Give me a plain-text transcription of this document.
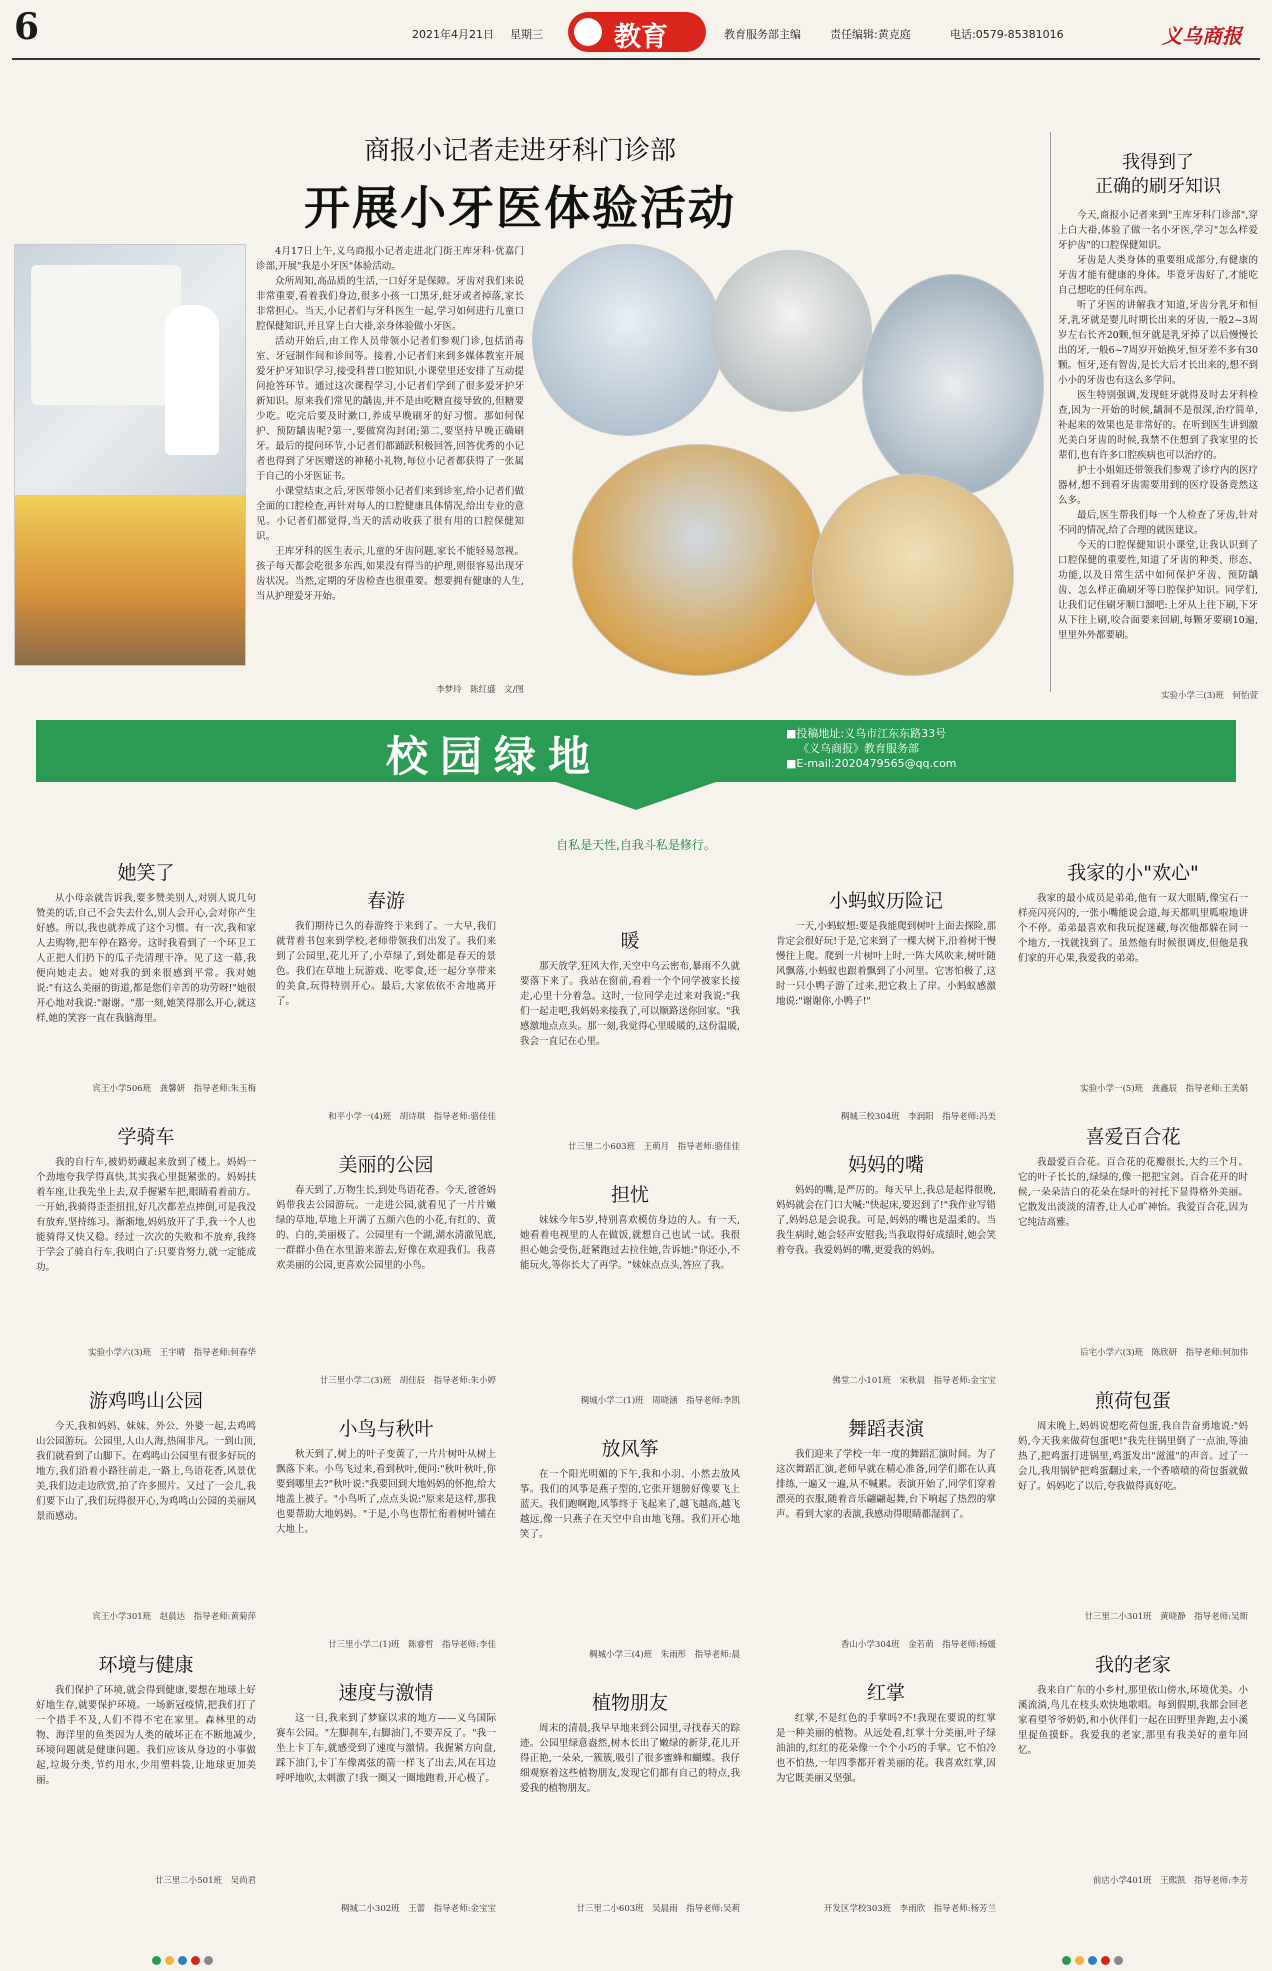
6	2021年4月21日 星期三	教育	教育服务部主编	责任编辑:黄克庭	电话:0579-85381016	义乌商报
商报小记者走进牙科门诊部
开展小牙医体验活动

4月17日上午,义乌商报小记者走进北门街王库牙科·优嘉门诊部,开展"我是小牙医"体验活动。

众所周知,高品质的生活,一口好牙是保障。牙齿对我们来说非常重要,看着我们身边,很多小孩一口黑牙,蛀牙或者掉落,家长非常担心。当天,小记者们与牙科医生一起,学习如何进行儿童口腔保健知识,并且穿上白大褂,亲身体验做小牙医。

活动开始后,由工作人员带领小记者们参观门诊,包括消毒室、牙冠制作间和诊间等。接着,小记者们来到多媒体教室开展爱牙护牙知识学习,接受科普口腔知识,小课堂里还安排了互动提问抢答环节。通过这次课程学习,小记者们学到了很多爱牙护牙新知识。原来我们常见的龋齿,并不是由吃糖直接导致的,但糖要少吃。吃完后要及时漱口,养成早晚刷牙的好习惯。那如何保护、预防龋齿呢?第一,要做窝沟封闭;第二,要坚持早晚正确刷牙。最后的提问环节,小记者们都踊跃积极回答,回答优秀的小记者也得到了牙医赠送的神秘小礼物,每位小记者都获得了一张属于自己的小牙医证书。

小课堂结束之后,牙医带领小记者们来到诊室,给小记者们做全面的口腔检查,再针对每人的口腔健康具体情况,给出专业的意见。小记者们都觉得,当天的活动收获了很有用的口腔保健知识。

王库牙科的医生表示,儿童的牙齿问题,家长不能轻易忽视。孩子每天都会吃很多东西,如果没有得当的护理,则很容易出现牙齿状况。当然,定期的牙齿检查也很重要。想要拥有健康的人生,当从护理爱牙开始。

李梦玲　陈红盛　文/图
我得到了
正确的刷牙知识

今天,商报小记者来到"王库牙科门诊部",穿上白大褂,体验了做一名小牙医,学习"怎么样爱牙护齿"的口腔保健知识。

牙齿是人类身体的重要组成部分,有健康的牙齿才能有健康的身体。毕竟牙齿好了,才能吃自己想吃的任何东西。

听了牙医的讲解我才知道,牙齿分乳牙和恒牙,乳牙就是婴儿时期长出来的牙齿,一般2~3周岁左右长齐20颗,恒牙就是乳牙掉了以后慢慢长出的牙,一般6~7周岁开始换牙,恒牙差不多有30颗。恒牙,还有智齿,是长大后才长出来的,想不到小小的牙齿也有这么多学问。

医生特别强调,发现蛀牙就得及时去牙科检查,因为一开始的时候,龋洞不是很深,治疗简单,补起来的效果也是非常好的。在听到医生讲到激光美白牙齿的时候,我禁不住想到了我家里的长辈们,也有许多口腔疾病也可以治疗的。

护士小姐姐还带领我们参观了诊疗内的医疗器材,想不到看牙齿需要用到的医疗设备竟然这么多。

最后,医生帮我们每一个人检查了牙齿,针对不同的情况,给了合理的就医建议。

今天的口腔保健知识小课堂,让我认识到了口腔保健的重要性,知道了牙齿的种类、形态、功能,以及日常生活中如何保护牙齿、预防龋齿、怎么样正确刷牙等口腔保护知识。同学们,让我们记住刷牙顺口溜吧:上牙从上往下刷,下牙从下往上刷,咬合面要来回刷,每颗牙要刷10遍,里里外外都要刷。

实验小学三(3)班　何怡萱
校园绿地	■投稿地址:义乌市江东东路33号
《义乌商报》教育服务部
■E-mail:2020479565@qq.com
自私是天性,自我斗私是修行。
她笑了
从小母亲就告诉我,要多赞美别人,对别人说几句赞美的话,自己不会失去什么,别人会开心,会对你产生好感。所以,我也就养成了这个习惯。有一次,我和家人去购物,把车停在路旁。这时我看到了一个环卫工人正把人们扔下的瓜子壳清理干净。见了这一幕,我便向她走去。她对我的到来很感到平常。我对她说:"有这么美丽的街道,都是您们辛苦的功劳呀!"她很开心地对我说:"谢谢。"那一刻,她笑得那么开心,就这样,她的笑容一直在我脑海里。
宾王小学506班　龚馨妍　指导老师:朱玉梅
学骑车
我的自行车,被奶奶藏起来放到了楼上。妈妈一个劲地夸我学得真快,其实我心里挺紧张的。妈妈扶着车座,让我先坐上去,双手握紧车把,眼睛看着前方。一开始,我骑得歪歪扭扭,好几次都差点摔倒,可是我没有放弃,坚持练习。渐渐地,妈妈放开了手,我一个人也能骑得又快又稳。经过一次次的失败和不放弃,我终于学会了骑自行车,我明白了:只要肯努力,就一定能成功。
实验小学六(3)班　王宇晴　指导老师:何春华
游鸡鸣山公园
今天,我和妈妈、妹妹、外公、外婆一起,去鸡鸣山公园游玩。公园里,人山人海,热闹非凡。一到山顶,我们就看到了山脚下。在鸡鸣山公园里有很多好玩的地方,我们沿着小路往前走,一路上,鸟语花香,风景优美,我们边走边欣赏,拍了许多照片。又过了一会儿,我们要下山了,我们玩得很开心,为鸡鸣山公园的美丽风景而感动。
宾王小学301班　赵晨达　指导老师:黄菊萍
环境与健康
我们保护了环境,就会得到健康,要想在地球上好好地生存,就要保护环境。一场新冠疫情,把我们打了一个措手不及,人们不得不宅在家里。森林里的动物、海洋里的鱼类因为人类的破坏正在不断地减少,环境问题就是健康问题。我们应该从身边的小事做起,垃圾分类,节约用水,少用塑料袋,让地球更加美丽。
廿三里二小501班　吴尚君
春游
我们期待已久的春游终于来到了。一大早,我们就背着书包来到学校,老师带领我们出发了。我们来到了公园里,花儿开了,小草绿了,到处都是春天的景色。我们在草地上玩游戏、吃零食,还一起分享带来的美食,玩得特别开心。最后,大家依依不舍地离开了。
和平小学一(4)班　胡诗琪　指导老师:骆佳佳
美丽的公园
春天到了,万物生长,到处鸟语花香。今天,爸爸妈妈带我去公园游玩。一走进公园,就看见了一片片嫩绿的草地,草地上开满了五颜六色的小花,有红的、黄的、白的,美丽极了。公园里有一个湖,湖水清澈见底,一群群小鱼在水里游来游去,好像在欢迎我们。我喜欢美丽的公园,更喜欢公园里的小鸟。
廿三里小学二(3)班　胡佳辰　指导老师:朱小婷
小鸟与秋叶
秋天到了,树上的叶子变黄了,一片片树叶从树上飘落下来。小鸟飞过来,看到秋叶,便问:"秋叶秋叶,你要到哪里去?"秋叶说:"我要回到大地妈妈的怀抱,给大地盖上被子。"小鸟听了,点点头说:"原来是这样,那我也要帮助大地妈妈。"于是,小鸟也帮忙衔着树叶铺在大地上。
廿三里小学二(1)班　陈睿哲　指导老师:李佳
速度与激情
这一日,我来到了梦寐以求的地方——义乌国际赛车公园。"左脚刹车,右脚油门,不要弄反了。"我一坐上卡丁车,就感受到了速度与激情。我握紧方向盘,踩下油门,卡丁车像离弦的箭一样飞了出去,风在耳边呼呼地吹,太刺激了!我一圈又一圈地跑着,开心极了。
稠城二小302班　王蕾　指导老师:金宝宝
暖
那天放学,狂风大作,天空中乌云密布,暴雨不久就要落下来了。我站在窗前,看着一个个同学被家长接走,心里十分着急。这时,一位同学走过来对我说:"我们一起走吧,我妈妈来接我了,可以顺路送你回家。"我感激地点点头。那一刻,我觉得心里暖暖的,这份温暖,我会一直记在心里。
廿三里二小603班　王萌月　指导老师:骆佳佳
担忧
妹妹今年5岁,特别喜欢模仿身边的人。有一天,她看着电视里的人在做饭,就想自己也试一试。我很担心她会受伤,赶紧跑过去拉住她,告诉她:"你还小,不能玩火,等你长大了再学。"妹妹点点头,答应了我。
稠城小学二(1)班　周晓涵　指导老师:李凯
放风筝
在一个阳光明媚的下午,我和小羽、小然去放风筝。我们的风筝是燕子型的,它张开翅膀好像要飞上蓝天。我们跑啊跑,风筝终于飞起来了,越飞越高,越飞越远,像一只燕子在天空中自由地飞翔。我们开心地笑了。
稠城小学三(4)班　朱雨彤　指导老师:晨
植物朋友
周末的清晨,我早早地来到公园里,寻找春天的踪迹。公园里绿意盎然,树木长出了嫩绿的新芽,花儿开得正艳,一朵朵,一簇簇,吸引了很多蜜蜂和蝴蝶。我仔细观察着这些植物朋友,发现它们都有自己的特点,我爱我的植物朋友。
廿三里二小603班　吴晨雨　指导老师:吴莉
小蚂蚁历险记
一天,小蚂蚁想:要是我能爬到树叶上面去探险,那肯定会很好玩!于是,它来到了一棵大树下,沿着树干慢慢往上爬。爬到一片树叶上时,一阵大风吹来,树叶随风飘落,小蚂蚁也跟着飘到了小河里。它害怕极了,这时一只小鸭子游了过来,把它救上了岸。小蚂蚁感激地说:"谢谢你,小鸭子!"
稠城三校304班　李润阳　指导老师:冯美
妈妈的嘴
妈妈的嘴,是严厉的。每天早上,我总是起得很晚,妈妈就会在门口大喊:"快起床,要迟到了!"我作业写错了,妈妈总是会说我。可是,妈妈的嘴也是温柔的。当我生病时,她会轻声安慰我;当我取得好成绩时,她会笑着夸我。我爱妈妈的嘴,更爱我的妈妈。
佛堂二小101班　宋秋晨　指导老师:金宝宝
舞蹈表演
我们迎来了学校一年一度的舞蹈汇演时间。为了这次舞蹈汇演,老师早就在精心准备,同学们都在认真排练,一遍又一遍,从不喊累。表演开始了,同学们穿着漂亮的衣服,随着音乐翩翩起舞,台下响起了热烈的掌声。看到大家的表演,我感动得眼睛都湿润了。
香山小学304班　金若萌　指导老师:杨媛
红掌
红掌,不是红色的手掌吗?不!我现在要说的红掌是一种美丽的植物。从远处看,红掌十分美丽,叶子绿油油的,红红的花朵像一个个小巧的手掌。它不怕冷也不怕热,一年四季都开着美丽的花。我喜欢红掌,因为它既美丽又坚强。
开发区学校303班　李雨欣　指导老师:杨芳兰
我家的小"欢心"
我家的最小成员是弟弟,他有一双大眼睛,像宝石一样亮闪亮闪的,一张小嘴能说会道,每天都叽里呱啦地讲个不停。弟弟最喜欢和我玩捉迷藏,每次他都躲在同一个地方,一找就找到了。虽然他有时候很调皮,但他是我们家的开心果,我爱我的弟弟。
实验小学一(5)班　龚鑫辰　指导老师:王美娟
喜爱百合花
我最爱百合花。百合花的花瓣很长,大约三个月。它的叶子长长的,绿绿的,像一把把宝剑。百合花开的时候,一朵朵洁白的花朵在绿叶的衬托下显得格外美丽。它散发出淡淡的清香,让人心旷神怡。我爱百合花,因为它纯洁高雅。
后宅小学六(3)班　陈欣研　指导老师:何加伟
煎荷包蛋
周末晚上,妈妈说想吃荷包蛋,我自告奋勇地说:"妈妈,今天我来做荷包蛋吧!"我先往锅里倒了一点油,等油热了,把鸡蛋打进锅里,鸡蛋发出"滋滋"的声音。过了一会儿,我用锅铲把鸡蛋翻过来,一个香喷喷的荷包蛋就做好了。妈妈吃了以后,夸我做得真好吃。
廿三里二小301班　黄晓静　指导老师:吴斯
我的老家
我来自广东的小乡村,那里依山傍水,环境优美。小溪流淌,鸟儿在枝头欢快地歌唱。每到假期,我都会回老家看望爷爷奶奶,和小伙伴们一起在田野里奔跑,去小溪里捉鱼摸虾。我爱我的老家,那里有我美好的童年回忆。
前店小学401班　王熙凯　指导老师:李芳
